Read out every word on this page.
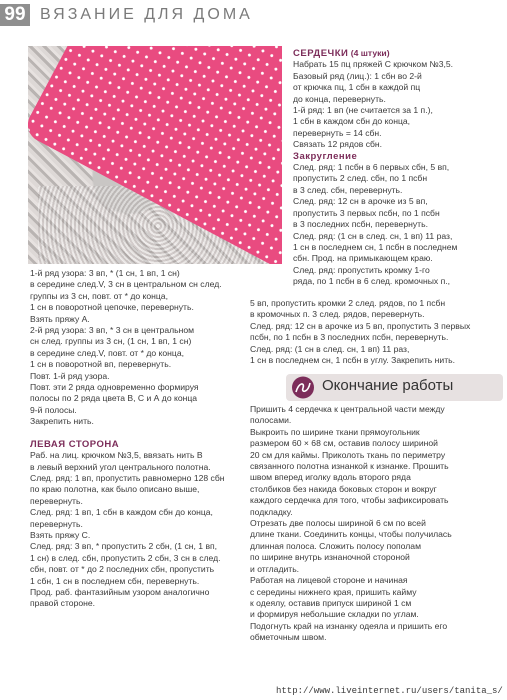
99 ВЯЗАНИЕ ДЛЯ ДОМА

СЕРДЕЧКИ (4 штуки)

Набрать 15 пц пряжей С крючком №3,5.

Базовый ряд (лиц.): 1 сбн во 2-й

от крючка пц, 1 сбн в каждой пц

до конца, перевернуть.

1-й ряд: 1 вп (не считается за 1 п.),

1 сбн в каждом сбн до конца,

перевернуть = 14 сбн.

Связать 12 рядов сбн.

Закругление

След. ряд: 1 псбн в 6 первых сбн, 5 вп,

пропустить 2 след. сбн, по 1 псбн

в 3 след. сбн, перевернуть.

След. ряд: 12 сн в арочке из 5 вп,

пропустить 3 первых псбн, по 1 псбн

в 3 последних псбн, перевернуть.

След. ряд: (1 сн в след. сн, 1 вп) 11 раз,

1 сн в последнем сн, 1 псбн в последнем

сбн. Прод. на примыкающем краю.

След. ряд: пропустить кромку 1-го

ряда, по 1 псбн в 6 след. кромочных п.,

5 вп, пропустить кромки 2 след. рядов, по 1 псбн

в кромочных п. 3 след. рядов, перевернуть.

След. ряд: 12 сн в арочке из 5 вп, пропустить 3 первых

псбн, по 1 псбн в 3 последних псбн, перевернуть.

След. ряд: (1 сн в след. сн, 1 вп) 11 раз,

1 сн в последнем сн, 1 псбн в углу. Закрепить нить.

1-й ряд узора: 3 вп, * (1 сн, 1 вп, 1 сн)

в середине след.V, 3 сн в центральном сн след.

группы из 3 сн, повт. от * до конца,

1 сн в поворотной цепочке, перевернуть.

Взять пряжу А.

2-й ряд узора: 3 вп, * 3 сн в центральном

сн след. группы из 3 сн, (1 сн, 1 вп, 1 сн)

в середине след.V, повт. от * до конца,

1 сн в поворотной вп, перевернуть.

Повт. 1-й ряд узора.

Повт. эти 2 ряда одновременно формируя

полосы по 2 ряда цвета В, С и А до конца

9-й полосы.

Закрепить нить.

ЛЕВАЯ СТОРОНА

Раб. на лиц. крючком №3,5, ввязать нить В

в левый верхний угол центрального полотна.

След. ряд: 1 вп, пропустить равномерно 128 сбн

по краю полотна, как было описано выше,

перевернуть.

След. ряд: 1 вп, 1 сбн в каждом сбн до конца,

перевернуть.

Взять пряжу С.

След. ряд: 3 вп, * пропустить 2 сбн, (1 сн, 1 вп,

1 сн) в след. сбн, пропустить 2 сбн, 3 сн в след.

сбн, повт. от * до 2 последних сбн, пропустить

1 сбн, 1 сн в последнем сбн, перевернуть.

Прод. раб. фантазийным узором аналогично

правой стороне.

Окончание работы

Пришить 4 сердечка к центральной части между

полосами.

Выкроить по ширине ткани прямоугольник

размером 60 × 68 см, оставив полосу шириной

20 см для каймы. Приколоть ткань по периметру

связанного полотна изнанкой к изнанке. Прошить

швом вперед иголку вдоль второго ряда

столбиков без накида боковых сторон и вокруг

каждого сердечка для того, чтобы зафиксировать

подкладку.

Отрезать две полосы шириной 6 см по всей

длине ткани. Соединить концы, чтобы получилась

длинная полоса. Сложить полосу пополам

по ширине внутрь изнаночной стороной

и отгладить.

Работая на лицевой стороне и начиная

с середины нижнего края, пришить кайму

к одеялу, оставив припуск шириной 1 см

и формируя небольшие складки по углам.

Подогнуть край на изнанку одеяла и пришить его

обметочным швом.

http://www.liveinternet.ru/users/tanita_s/
